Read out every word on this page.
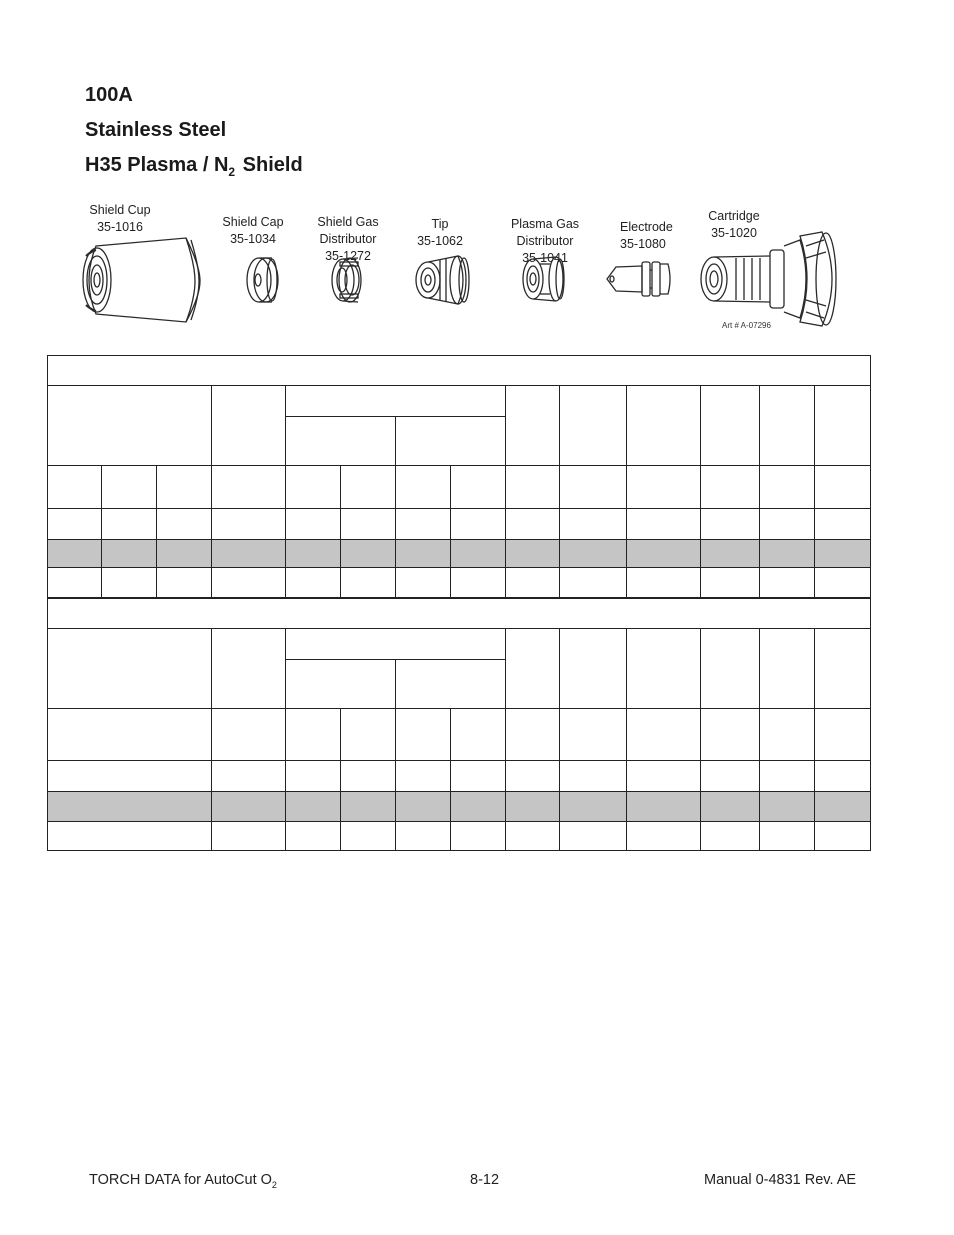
100A
Stainless Steel
H35 Plasma / $N_2$ Shield
Shield Cup
35-1016	Shield Cap
35-1034
Shield Gas Distributor
35-1272
Tip
35-1062
Plasma Gas Distributor
35-1041
Electrode
35-1080
Cartridge
35-1020
Art # A-07296

TORCH DATA for AutoCut $O_2$	8-12	Manual 0-4831 Rev. AE
